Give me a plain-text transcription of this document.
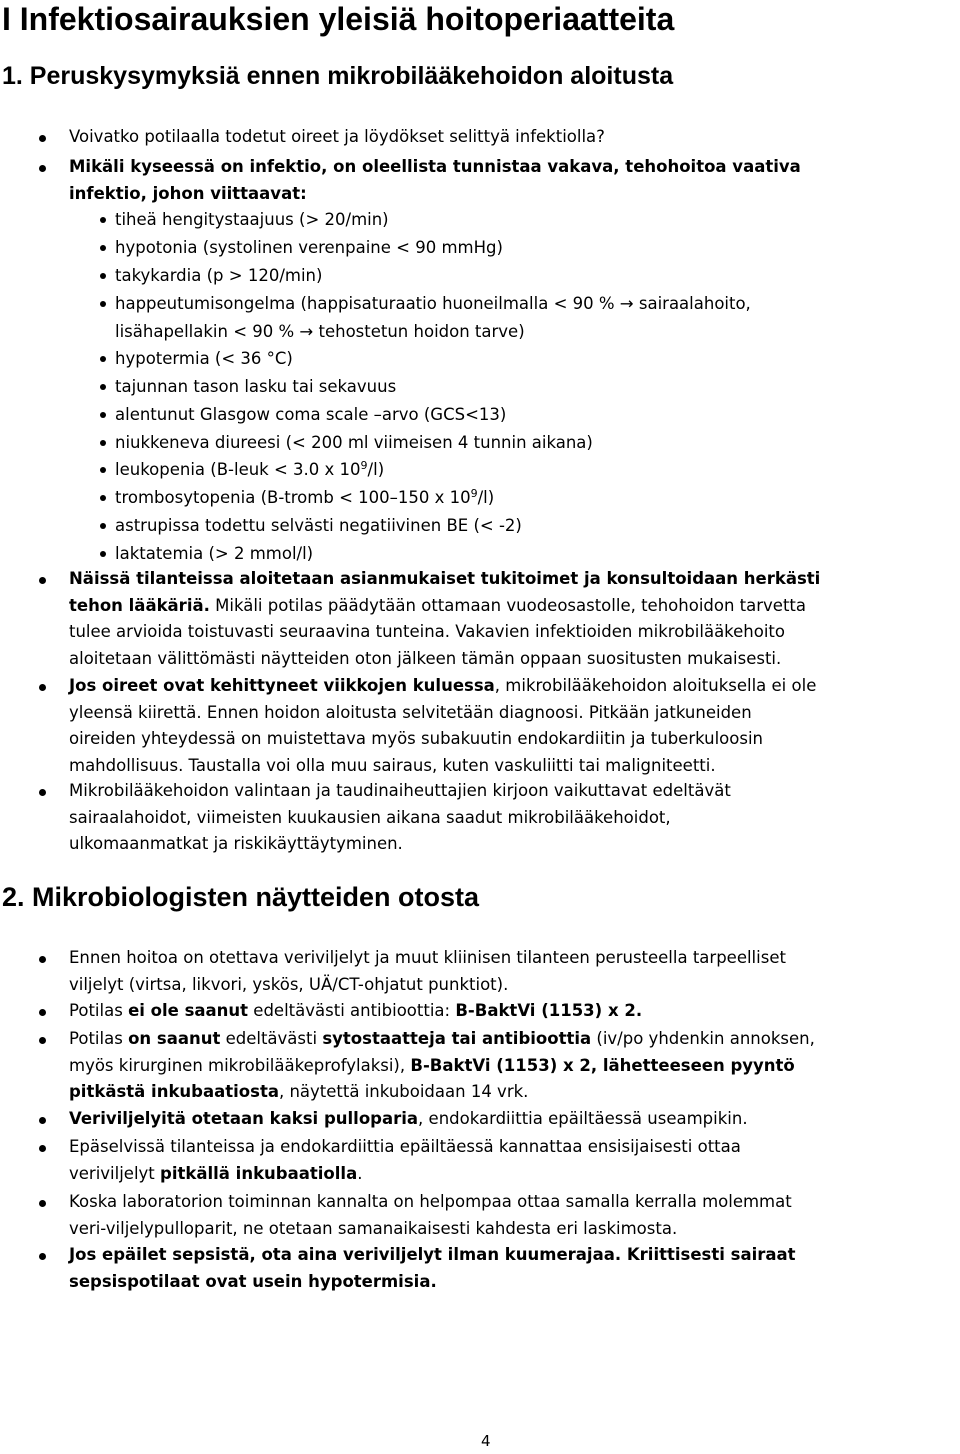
I Infektiosairauksien yleisiä hoitoperiaatteita
1. Peruskysymyksiä ennen mikrobilääkehoidon aloitusta
Voivatko potilaalla todetut oireet ja löydökset selittyä infektiolla?
Mikäli kyseessä on infektio, on oleellista tunnistaa vakava, tehohoitoa vaativa
infektio, johon viittaavat:
tiheä hengitystaajuus (> 20/min)
hypotonia (systolinen verenpaine < 90 mmHg)
takykardia (p > 120/min)
happeutumisongelma (happisaturaatio huoneilmalla < 90 % → sairaalahoito,
lisähapellakin < 90 % → tehostetun hoidon tarve)
hypotermia (< 36 °C)
tajunnan tason lasku tai sekavuus
alentunut Glasgow coma scale –arvo (GCS<13)
niukkeneva diureesi (< 200 ml viimeisen 4 tunnin aikana)
leukopenia (B-leuk < 3.0 x $10^9/l$)
trombosytopenia (B-tromb < 100–150 x $10^9/l$)
astrupissa todettu selvästi negatiivinen BE (< -2)
laktatemia (> 2 mmol/l)
Näissä tilanteissa aloitetaan asianmukaiset tukitoimet ja konsultoidaan herkästi
tehon lääkäriä. Mikäli potilas päädytään ottamaan vuodeosastolle, tehohoidon tarvetta
tulee arvioida toistuvasti seuraavina tunteina. Vakavien infektioiden mikrobilääkehoito
aloitetaan välittömästi näytteiden oton jälkeen tämän oppaan suositusten mukaisesti.
Jos oireet ovat kehittyneet viikkojen kuluessa, mikrobilääkehoidon aloituksella ei ole
yleensä kiirettä. Ennen hoidon aloitusta selvitetään diagnoosi. Pitkään jatkuneiden
oireiden yhteydessä on muistettava myös subakuutin endokardiitin ja tuberkuloosin
mahdollisuus. Taustalla voi olla muu sairaus, kuten vaskuliitti tai maligniteetti.
Mikrobilääkehoidon valintaan ja taudinaiheuttajien kirjoon vaikuttavat edeltävät
sairaalahoidot, viimeisten kuukausien aikana saadut mikrobilääkehoidot,
ulkomaanmatkat ja riskikäyttäytyminen.
2. Mikrobiologisten näytteiden otosta
Ennen hoitoa on otettava veriviljelyt ja muut kliinisen tilanteen perusteella tarpeelliset
viljelyt (virtsa, likvori, yskös, UÄ/CT-ohjatut punktiot).
Potilas ei ole saanut edeltävästi antibioottia: B-BaktVi (1153) x 2.
Potilas on saanut edeltävästi sytostaatteja tai antibioottia (iv/po yhdenkin annoksen,
myös kirurginen mikrobilääkeprofylaksi), B-BaktVi (1153) x 2, lähetteeseen pyyntö
pitkästä inkubaatiosta, näytettä inkuboidaan 14 vrk.
Veriviljelyitä otetaan kaksi pulloparia, endokardiittia epäiltäessä useampikin.
Epäselvissä tilanteissa ja endokardiittia epäiltäessä kannattaa ensisijaisesti ottaa
veriviljelyt pitkällä inkubaatiolla.
Koska laboratorion toiminnan kannalta on helpompaa ottaa samalla kerralla molemmat
veri-viljelypulloparit, ne otetaan samanaikaisesti kahdesta eri laskimosta.
Jos epäilet sepsistä, ota aina veriviljelyt ilman kuumerajaa. Kriittisesti sairaat
sepsispotilaat ovat usein hypotermisia.
4
